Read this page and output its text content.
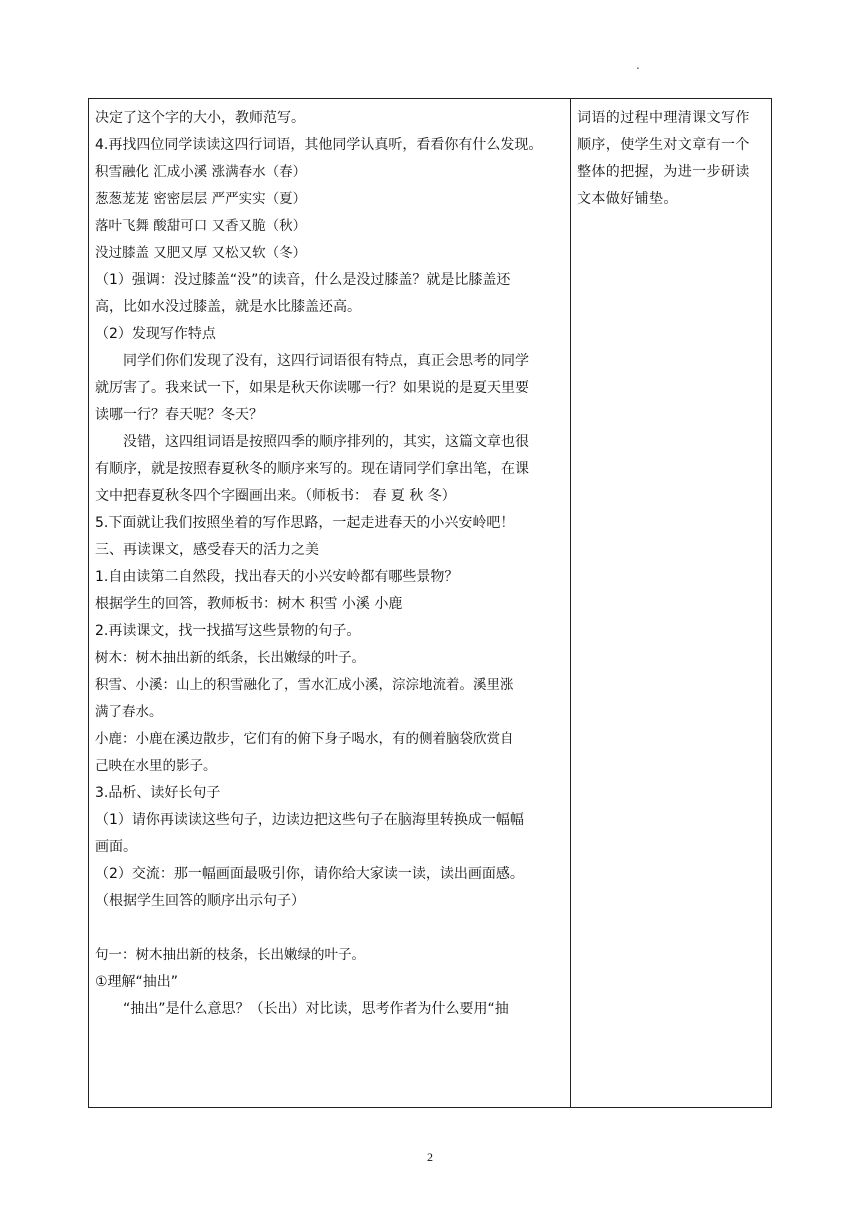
.
决定了这个字的大小，教师范写。
4.再找四位同学读读这四行词语，其他同学认真听，看看你有什么发现。
积雪融化 汇成小溪 涨满春水（春）
葱葱茏茏 密密层层 严严实实（夏）
落叶飞舞 酸甜可口 又香又脆（秋）
没过膝盖 又肥又厚 又松又软（冬）
（1）强调：没过膝盖“没”的读音，什么是没过膝盖？就是比膝盖还
高，比如水没过膝盖，就是水比膝盖还高。
（2）发现写作特点
同学们你们发现了没有，这四行词语很有特点，真正会思考的同学
就厉害了。我来试一下，如果是秋天你读哪一行？如果说的是夏天里要
读哪一行？春天呢？冬天？
没错，这四组词语是按照四季的顺序排列的，其实，这篇文章也很
有顺序，就是按照春夏秋冬的顺序来写的。现在请同学们拿出笔，在课
文中把春夏秋冬四个字圈画出来。（师板书： 春 夏 秋 冬）
5.下面就让我们按照坐着的写作思路，一起走进春天的小兴安岭吧！
三、再读课文，感受春天的活力之美
1.自由读第二自然段，找出春天的小兴安岭都有哪些景物？
根据学生的回答，教师板书：树木 积雪 小溪 小鹿
2.再读课文，找一找描写这些景物的句子。
树木：树木抽出新的纸条，长出嫩绿的叶子。
积雪、小溪：山上的积雪融化了，雪水汇成小溪，淙淙地流着。溪里涨
满了春水。
小鹿：小鹿在溪边散步，它们有的俯下身子喝水，有的侧着脑袋欣赏自
己映在水里的影子。
3.品析、读好长句子
（1）请你再读读这些句子，边读边把这些句子在脑海里转换成一幅幅
画面。
（2）交流：那一幅画面最吸引你，请你给大家读一读，读出画面感。
（根据学生回答的顺序出示句子）
句一：树木抽出新的枝条，长出嫩绿的叶子。
①理解“抽出”
“抽出”是什么意思？（长出）对比读，思考作者为什么要用“抽
词语的过程中理清课文写作
顺序，使学生对文章有一个
整体的把握，为进一步研读
文本做好铺垫。
2
